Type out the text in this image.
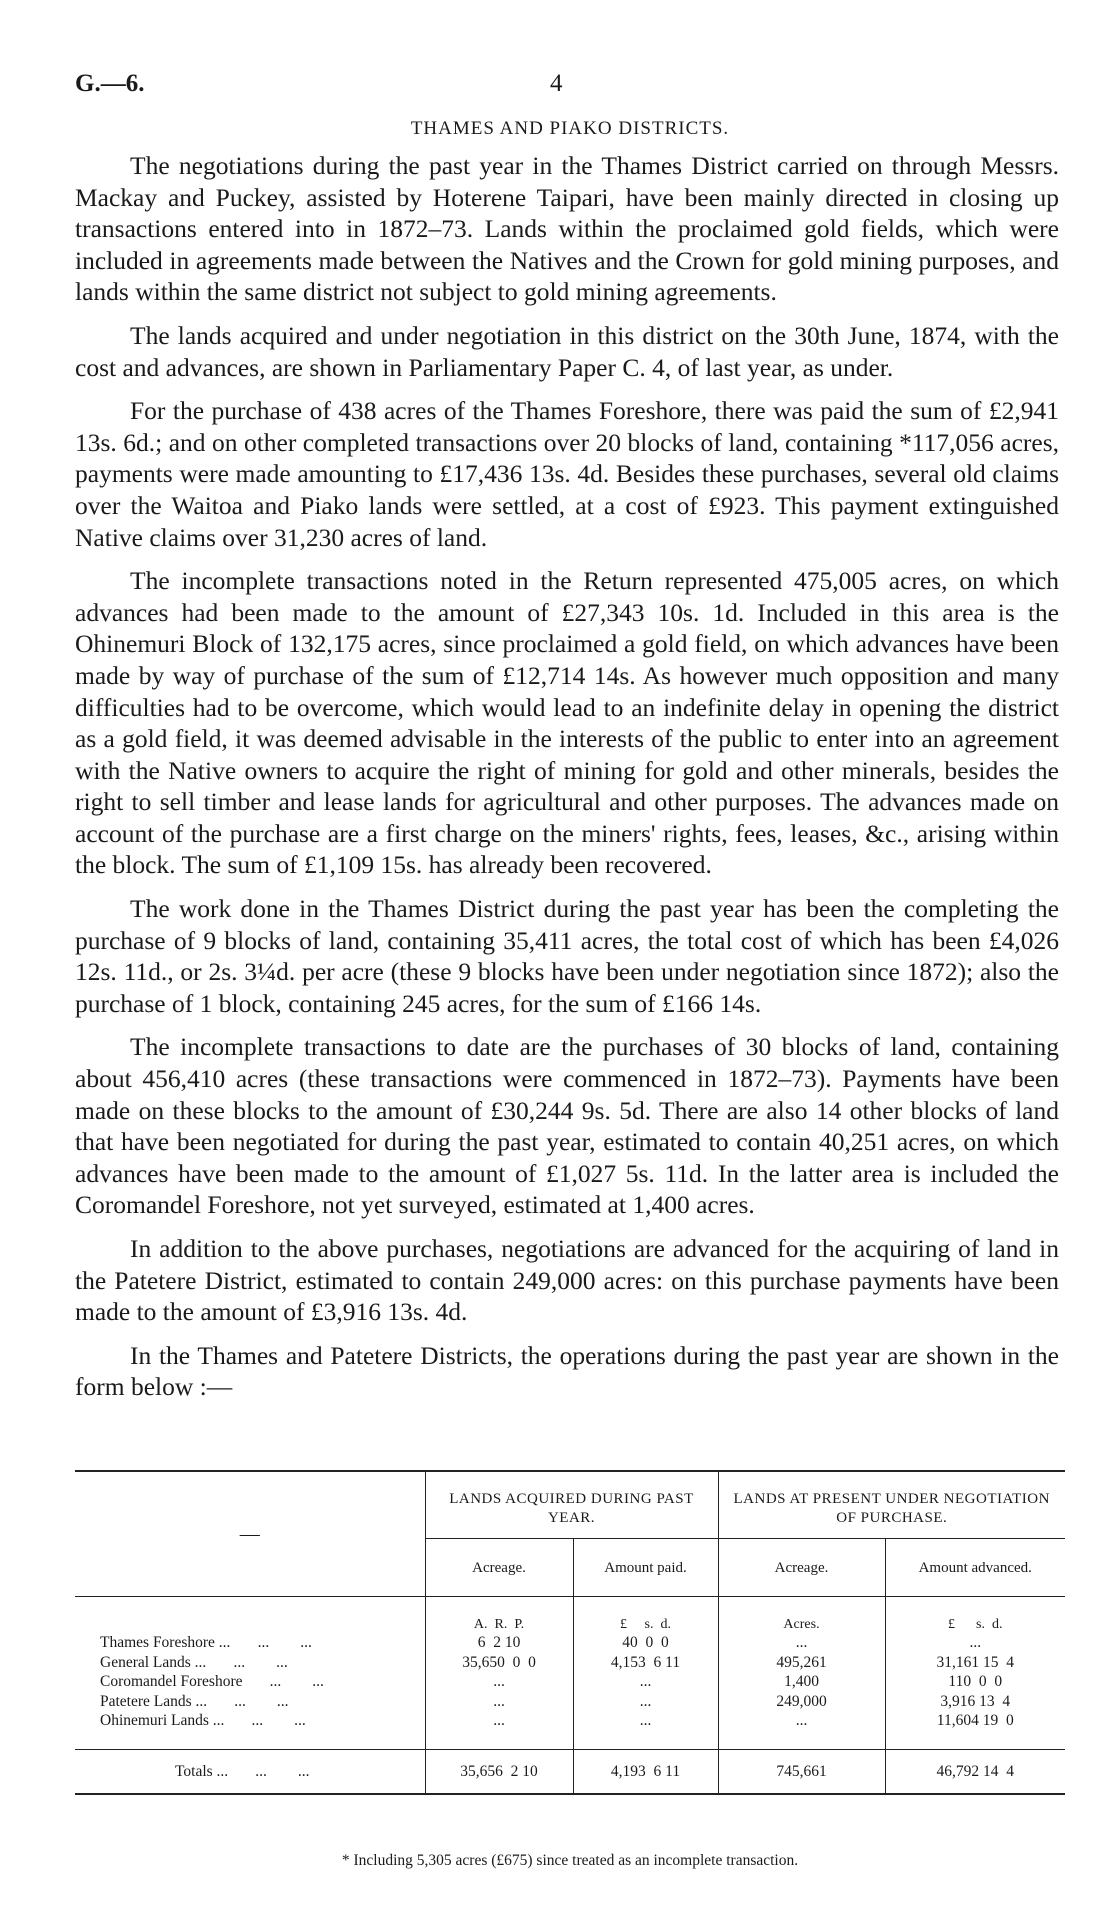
G.—6.	4
THAMES AND PIAKO DISTRICTS.

The negotiations during the past year in the Thames District carried on through Messrs. Mackay and Puckey, assisted by Hoterene Taipari, have been mainly directed in closing up transactions entered into in 1872–73. Lands within the proclaimed gold fields, which were included in agreements made between the Natives and the Crown for gold mining purposes, and lands within the same district not subject to gold mining agreements.

The lands acquired and under negotiation in this district on the 30th June, 1874, with the cost and advances, are shown in Parliamentary Paper C. 4, of last year, as under.

For the purchase of 438 acres of the Thames Foreshore, there was paid the sum of £2,941 13s. 6d.; and on other completed transactions over 20 blocks of land, containing *117,056 acres, payments were made amounting to £17,436 13s. 4d. Besides these purchases, several old claims over the Waitoa and Piako lands were settled, at a cost of £923. This payment extinguished Native claims over 31,230 acres of land.

The incomplete transactions noted in the Return represented 475,005 acres, on which advances had been made to the amount of £27,343 10s. 1d. Included in this area is the Ohinemuri Block of 132,175 acres, since proclaimed a gold field, on which advances have been made by way of purchase of the sum of £12,714 14s. As however much opposition and many difficulties had to be overcome, which would lead to an indefinite delay in opening the district as a gold field, it was deemed advisable in the interests of the public to enter into an agreement with the Native owners to acquire the right of mining for gold and other minerals, besides the right to sell timber and lease lands for agricultural and other purposes. The advances made on account of the purchase are a first charge on the miners' rights, fees, leases, &c., arising within the block. The sum of £1,109 15s. has already been recovered.

The work done in the Thames District during the past year has been the completing the purchase of 9 blocks of land, containing 35,411 acres, the total cost of which has been £4,026 12s. 11d., or 2s. 3¼d. per acre (these 9 blocks have been under negotiation since 1872); also the purchase of 1 block, containing 245 acres, for the sum of £166 14s.

The incomplete transactions to date are the purchases of 30 blocks of land, containing about 456,410 acres (these transactions were commenced in 1872–73). Payments have been made on these blocks to the amount of £30,244 9s. 5d. There are also 14 other blocks of land that have been negotiated for during the past year, estimated to contain 40,251 acres, on which advances have been made to the amount of £1,027 5s. 11d. In the latter area is included the Coromandel Foreshore, not yet surveyed, estimated at 1,400 acres.

In addition to the above purchases, negotiations are advanced for the acquiring of land in the Patetere District, estimated to contain 249,000 acres: on this purchase payments have been made to the amount of £3,916 13s. 4d.

In the Thames and Patetere Districts, the operations during the past year are shown in the form below :—

—	LANDS ACQUIRED DURING PAST YEAR.		LANDS AT PRESENT UNDER NEGOTIATION OF PURCHASE.	
	Acreage.	Amount paid.	Acreage.	Amount advanced.
	A.  R.  P.	£     s.  d.	Acres.	£      s.  d.
Thames Foreshore ... ...        ...	6  2 10	40  0  0	...	...
General Lands ... ...        ...	35,650  0  0	4,153  6 11	495,261	31,161 15  4
Coromandel Foreshore ...        ...	...	...	1,400	110  0  0
Patetere Lands ... ...        ...	...	...	249,000	3,916 13  4
Ohinemuri Lands ... ...        ...	...	...	...	11,604 19  0
Totals ... ...        ...	35,656  2 10	4,193  6 11	745,661	46,792 14  4
* Including 5,305 acres (£675) since treated as an incomplete transaction.
